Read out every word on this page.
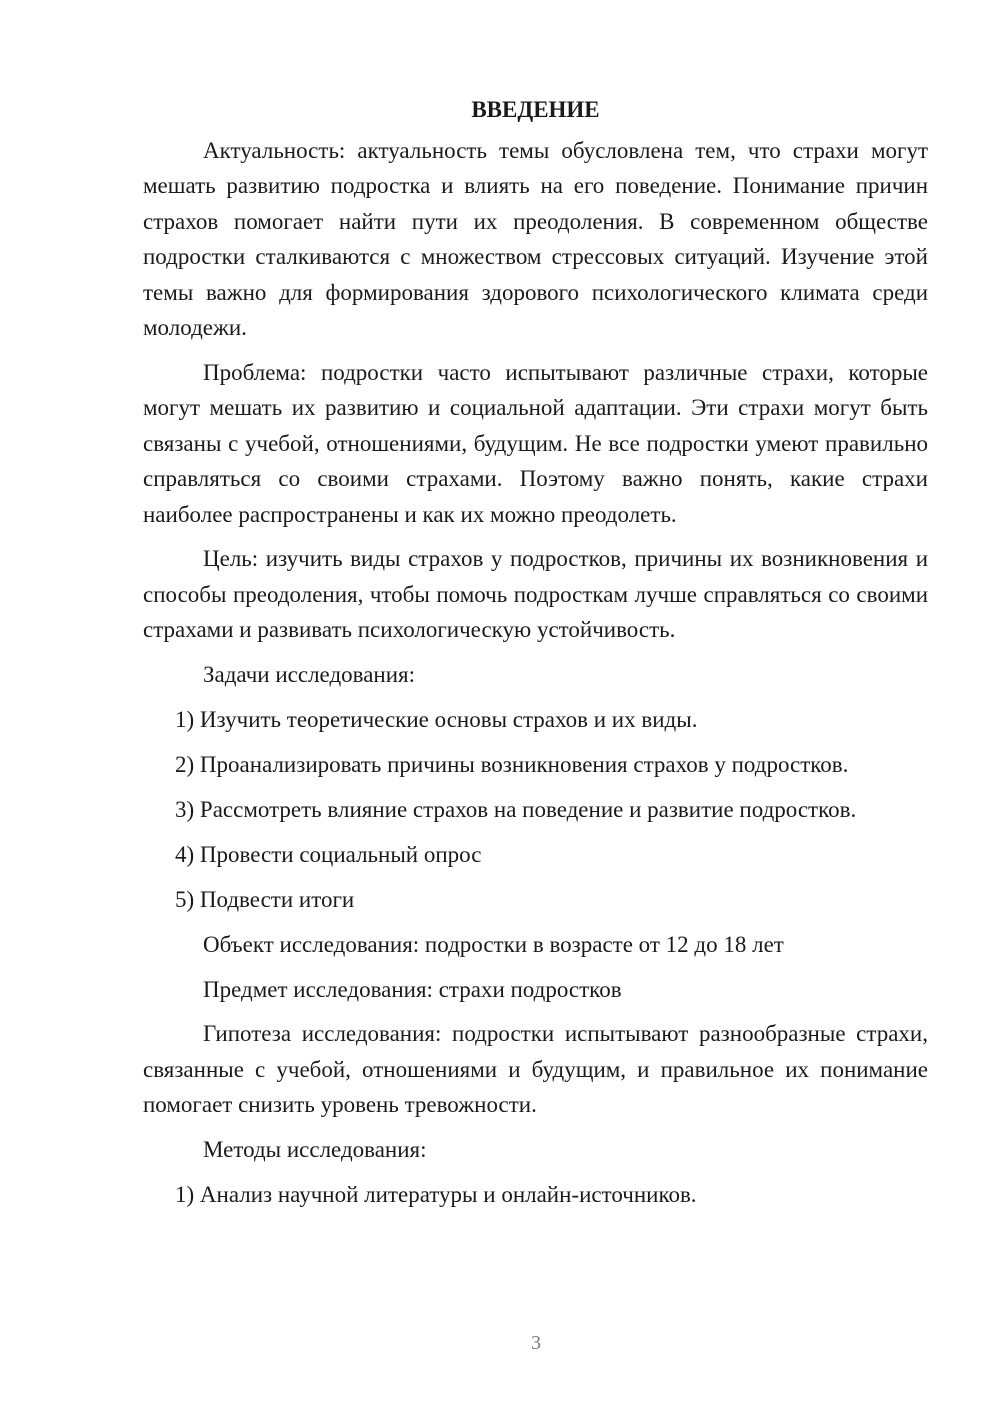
ВВЕДЕНИЕ

Актуальность: актуальность темы обусловлена тем, что страхи могут мешать развитию подростка и влиять на его поведение. Понимание причин страхов помогает найти пути их преодоления. В современном обществе подростки сталкиваются с множеством стрессовых ситуаций. Изучение этой темы важно для формирования здорового психологического климата среди молодежи.

Проблема: подростки часто испытывают различные страхи, которые могут мешать их развитию и социальной адаптации. Эти страхи могут быть связаны с учебой, отношениями, будущим. Не все подростки умеют правильно справляться со своими страхами. Поэтому важно понять, какие страхи наиболее распространены и как их можно преодолеть.

Цель: изучить виды страхов у подростков, причины их возникновения и способы преодоления, чтобы помочь подросткам лучше справляться со своими страхами и развивать психологическую устойчивость.

Задачи исследования:

1) Изучить теоретические основы страхов и их виды.

2) Проанализировать причины возникновения страхов у подростков.

3) Рассмотреть влияние страхов на поведение и развитие подростков.

4) Провести социальный опрос

5) Подвести итоги

Объект исследования: подростки в возрасте от 12 до 18 лет

Предмет исследования: страхи подростков

Гипотеза исследования: подростки испытывают разнообразные страхи, связанные с учебой, отношениями и будущим, и правильное их понимание помогает снизить уровень тревожности.

Методы исследования:

1) Анализ научной литературы и онлайн-источников.

3
